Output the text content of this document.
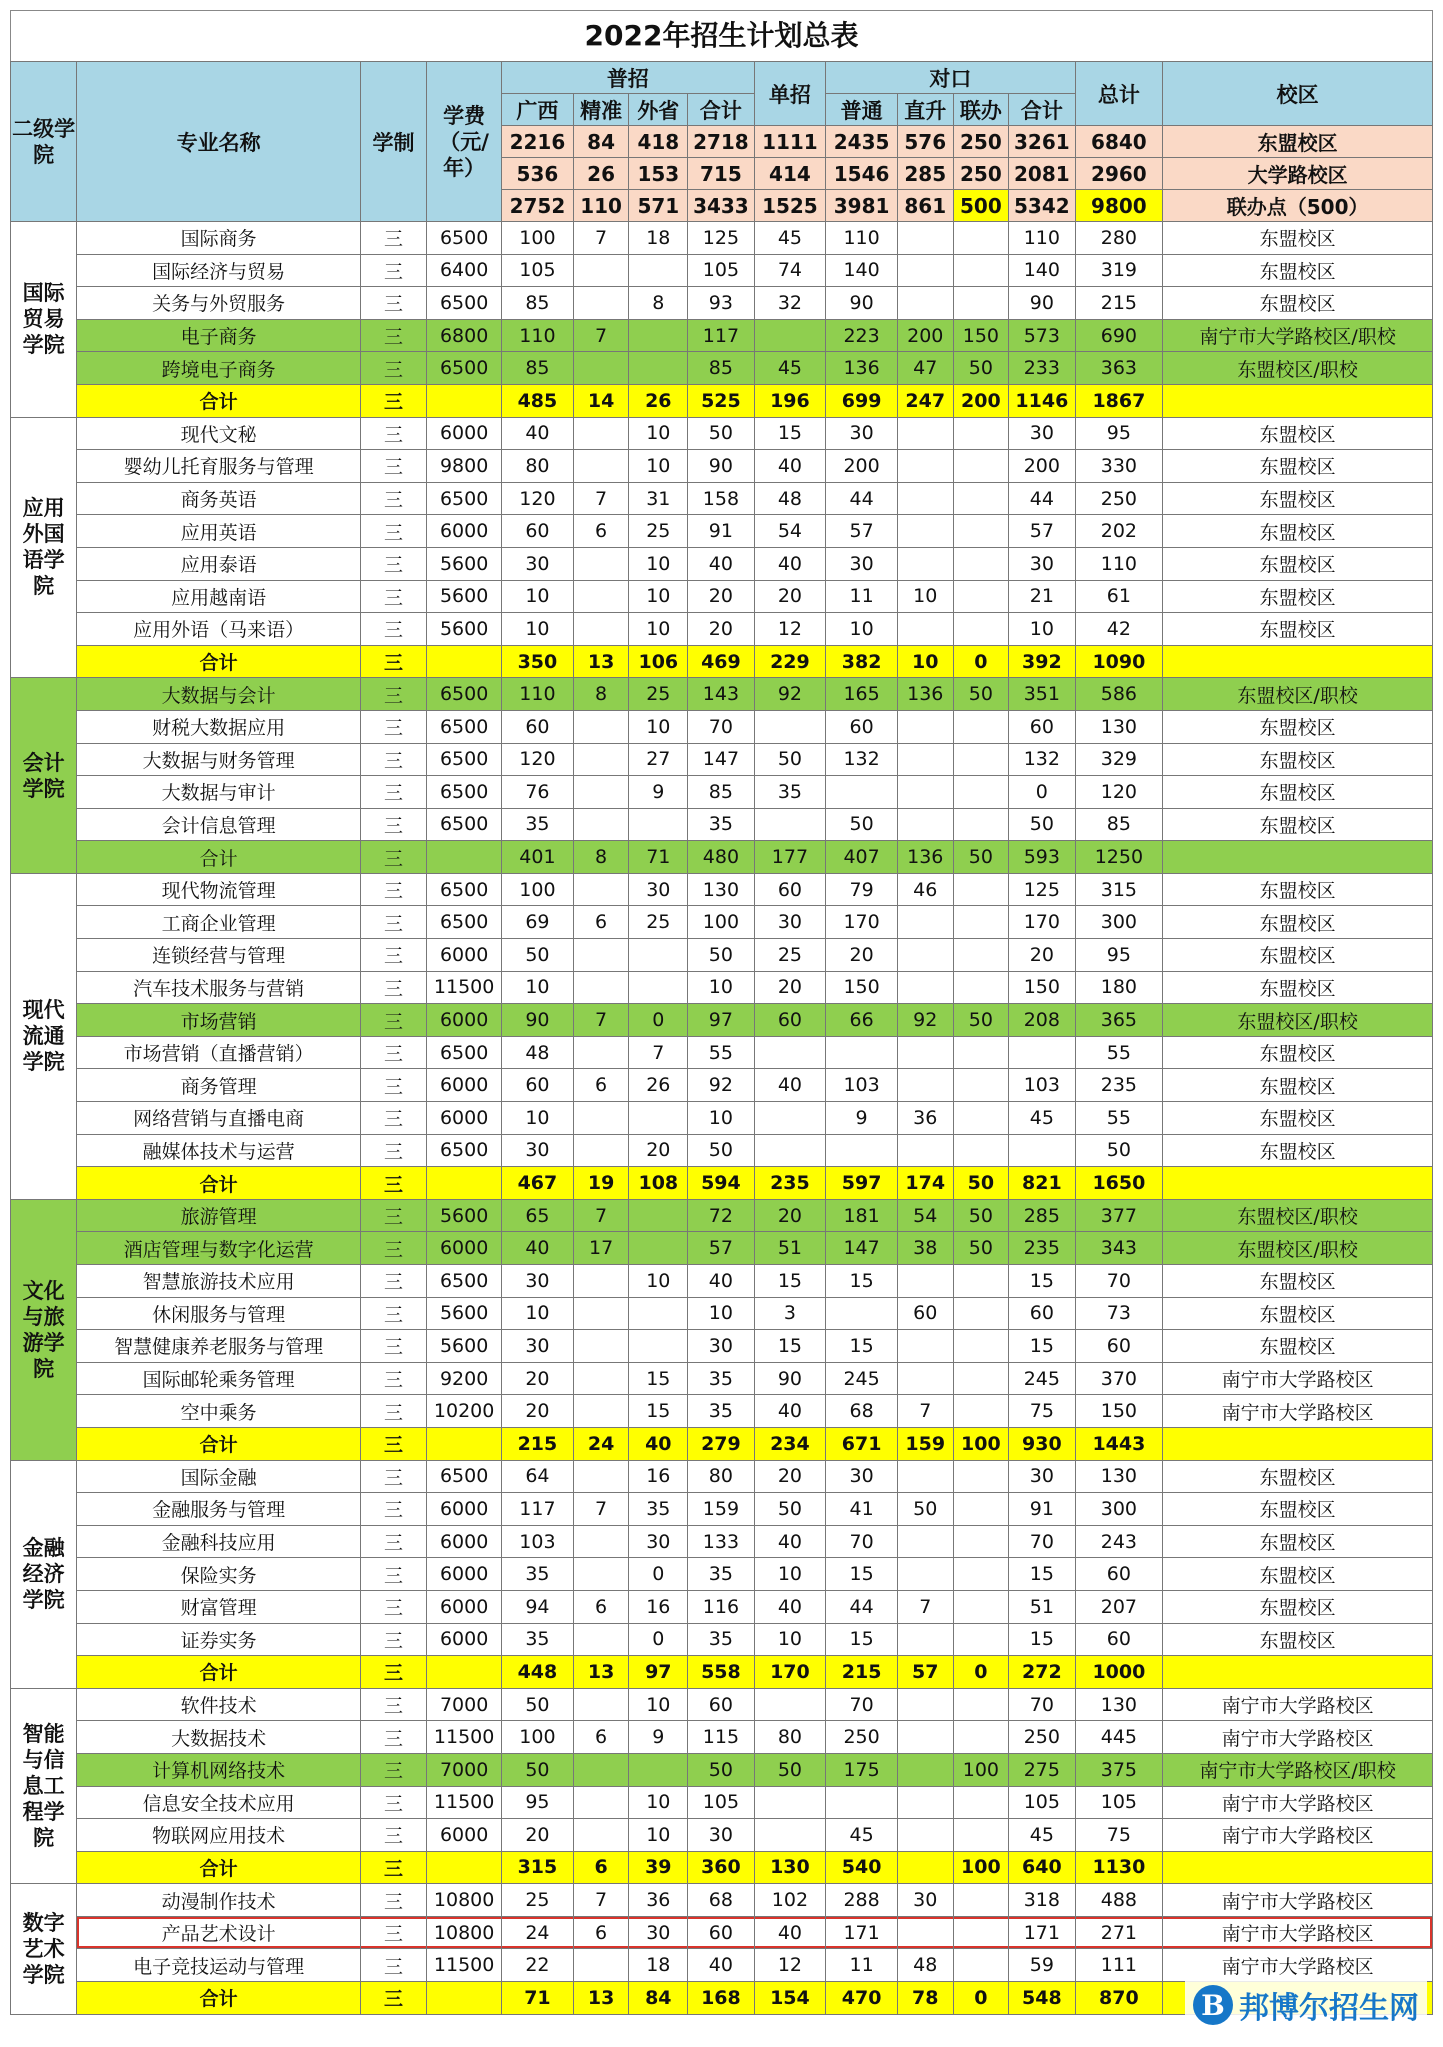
2022年招生计划总表
二级学院	专业名称	学制	学费（元/年）	普招				单招	对口				总计	校区
				广西	精准	外省	合计		普通	直升	联办	合计		
				2216	84	418	2718	1111	2435	576	250	3261	6840	东盟校区
				536	26	153	715	414	1546	285	250	2081	2960	大学路校区
				2752	110	571	3433	1525	3981	861	500	5342	9800	联办点（500）
国际贸易学院	国际商务	三	6500	100	7	18	125	45	110			110	280	东盟校区
	国际经济与贸易	三	6400	105			105	74	140			140	319	东盟校区
	关务与外贸服务	三	6500	85		8	93	32	90			90	215	东盟校区
	电子商务	三	6800	110	7		117		223	200	150	573	690	南宁市大学路校区/职校
	跨境电子商务	三	6500	85			85	45	136	47	50	233	363	东盟校区/职校
	合计	三		485	14	26	525	196	699	247	200	1146	1867	
应用外国语学院	现代文秘	三	6000	40		10	50	15	30			30	95	东盟校区
	婴幼儿托育服务与管理	三	9800	80		10	90	40	200			200	330	东盟校区
	商务英语	三	6500	120	7	31	158	48	44			44	250	东盟校区
	应用英语	三	6000	60	6	25	91	54	57			57	202	东盟校区
	应用泰语	三	5600	30		10	40	40	30			30	110	东盟校区
	应用越南语	三	5600	10		10	20	20	11	10		21	61	东盟校区
	应用外语（马来语）	三	5600	10		10	20	12	10			10	42	东盟校区
	合计	三		350	13	106	469	229	382	10	0	392	1090	
会计学院	大数据与会计	三	6500	110	8	25	143	92	165	136	50	351	586	东盟校区/职校
	财税大数据应用	三	6500	60		10	70		60			60	130	东盟校区
	大数据与财务管理	三	6500	120		27	147	50	132			132	329	东盟校区
	大数据与审计	三	6500	76		9	85	35				0	120	东盟校区
	会计信息管理	三	6500	35			35		50			50	85	东盟校区
	合计	三		401	8	71	480	177	407	136	50	593	1250	
现代流通学院	现代物流管理	三	6500	100		30	130	60	79	46		125	315	东盟校区
	工商企业管理	三	6500	69	6	25	100	30	170			170	300	东盟校区
	连锁经营与管理	三	6000	50			50	25	20			20	95	东盟校区
	汽车技术服务与营销	三	11500	10			10	20	150			150	180	东盟校区
	市场营销	三	6000	90	7	0	97	60	66	92	50	208	365	东盟校区/职校
	市场营销（直播营销）	三	6500	48		7	55						55	东盟校区
	商务管理	三	6000	60	6	26	92	40	103			103	235	东盟校区
	网络营销与直播电商	三	6000	10			10		9	36		45	55	东盟校区
	融媒体技术与运营	三	6500	30		20	50						50	东盟校区
	合计	三		467	19	108	594	235	597	174	50	821	1650	
文化与旅游学院	旅游管理	三	5600	65	7		72	20	181	54	50	285	377	东盟校区/职校
	酒店管理与数字化运营	三	6000	40	17		57	51	147	38	50	235	343	东盟校区/职校
	智慧旅游技术应用	三	6500	30		10	40	15	15			15	70	东盟校区
	休闲服务与管理	三	5600	10			10	3		60		60	73	东盟校区
	智慧健康养老服务与管理	三	5600	30			30	15	15			15	60	东盟校区
	国际邮轮乘务管理	三	9200	20		15	35	90	245			245	370	南宁市大学路校区
	空中乘务	三	10200	20		15	35	40	68	7		75	150	南宁市大学路校区
	合计	三		215	24	40	279	234	671	159	100	930	1443	
金融经济学院	国际金融	三	6500	64		16	80	20	30			30	130	东盟校区
	金融服务与管理	三	6000	117	7	35	159	50	41	50		91	300	东盟校区
	金融科技应用	三	6000	103		30	133	40	70			70	243	东盟校区
	保险实务	三	6000	35		0	35	10	15			15	60	东盟校区
	财富管理	三	6000	94	6	16	116	40	44	7		51	207	东盟校区
	证券实务	三	6000	35		0	35	10	15			15	60	东盟校区
	合计	三		448	13	97	558	170	215	57	0	272	1000	
智能与信息工程学院	软件技术	三	7000	50		10	60		70			70	130	南宁市大学路校区
	大数据技术	三	11500	100	6	9	115	80	250			250	445	南宁市大学路校区
	计算机网络技术	三	7000	50			50	50	175		100	275	375	南宁市大学路校区/职校
	信息安全技术应用	三	11500	95		10	105					105	105	南宁市大学路校区
	物联网应用技术	三	6000	20		10	30		45			45	75	南宁市大学路校区
	合计	三		315	6	39	360	130	540		100	640	1130	
数字艺术学院	动漫制作技术	三	10800	25	7	36	68	102	288	30		318	488	南宁市大学路校区
	产品艺术设计	三	10800	24	6	30	60	40	171			171	271	南宁市大学路校区
	电子竞技运动与管理	三	11500	22		18	40	12	11	48		59	111	南宁市大学路校区
	合计	三		71	13	84	168	154	470	78	0	548	870	B 邦博尔招生网
